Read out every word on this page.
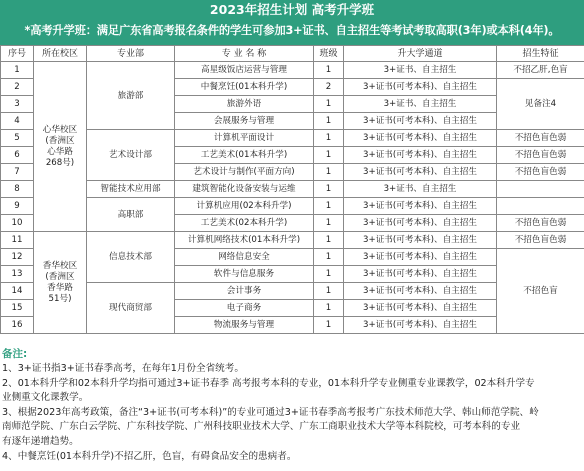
2023年招生计划 高考升学班
*高考升学班：满足广东省高考报名条件的学生可参加3+证书、自主招生等考试考取高职(3年)或本科(4年)。
序号	所在校区	专业部	专 业 名 称	班级	升大学通道	招生特征
1	心华校区
(香洲区
心华路
268号)	旅游部	高星级饭店运营与管理	1	3+证书、自主招生	不招乙肝,色盲
2			中餐烹饪(01本科升学)	2	3+证书(可考本科)、自主招生	见备注4
3			旅游外语	1	3+证书、自主招生	
4			会展服务与管理	1	3+证书(可考本科)、自主招生	
5		艺术设计部	计算机平面设计	1	3+证书(可考本科)、自主招生	不招色盲色弱
6			工艺美术(01本科升学)	1	3+证书(可考本科)、自主招生	不招色盲色弱
7			艺术设计与制作(平面方向)	1	3+证书(可考本科)、自主招生	不招色盲色弱
8		智能技术应用部	建筑智能化设备安装与运维	1	3+证书、自主招生	
9		高职部	计算机应用(02本科升学)	1	3+证书(可考本科)、自主招生	
10			工艺美术(02本科升学)	1	3+证书(可考本科)、自主招生	不招色盲色弱
11	香华校区
(香洲区
香华路
51号)	信息技术部	计算机网络技术(01本科升学)	1	3+证书(可考本科)、自主招生	不招色盲色弱
12			网络信息安全	1	3+证书(可考本科)、自主招生	不招色盲
13			软件与信息服务	1	3+证书(可考本科)、自主招生	
14		现代商贸部	会计事务	1	3+证书(可考本科)、自主招生	
15			电子商务	1	3+证书(可考本科)、自主招生	
16			物流服务与管理	1	3+证书(可考本科)、自主招生	
备注:
1、3+证书指3+证书春季高考，在每年1月份全省统考。
2、01本科升学和02本科升学均指可通过3+证书春季 高考报考本科的专业，01本科升学专业侧重专业课教学，02本科升学专
业侧重文化课教学。
3、根据2023年高考政策，备注“3+证书(可考本科)”的专业可通过3+证书春季高考报考广东技术师范大学、韩山师范学院、岭
南师范学院、广东白云学院、广东科技学院、广州科技职业技术大学、广东工商职业技术大学等本科院校，可考本科的专业
有逐年递增趋势。
4、中餐烹饪(01本科升学)不招乙肝，色盲，有碍食品安全的患病者。
